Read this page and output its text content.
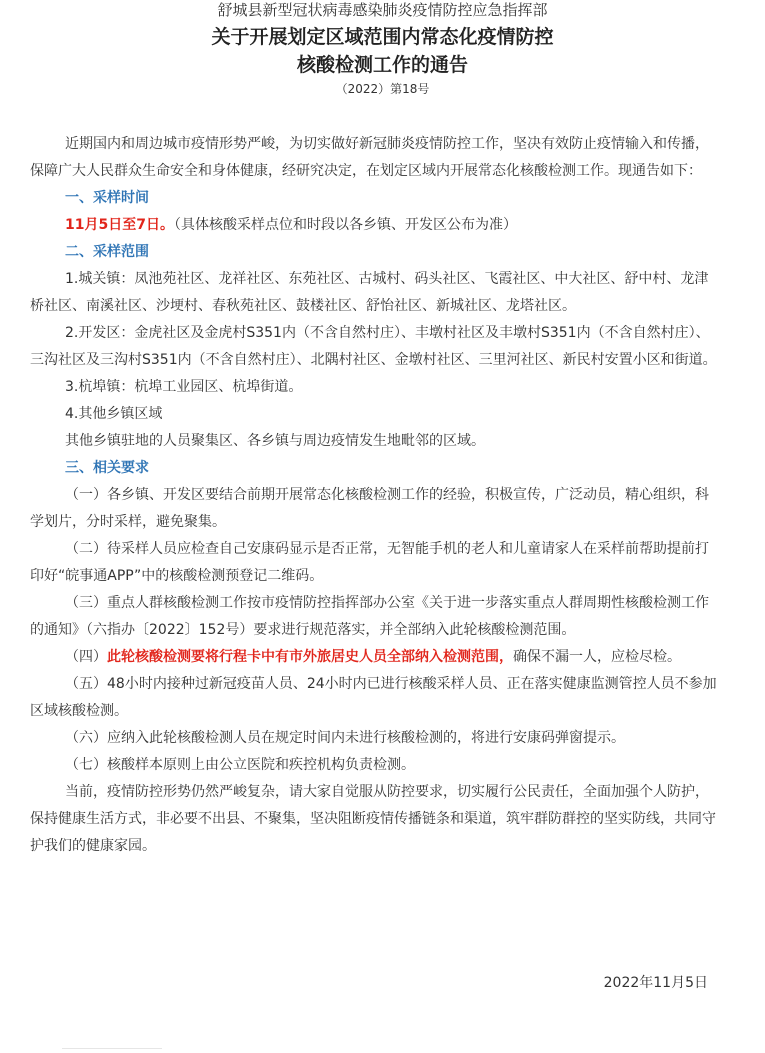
舒城县新型冠状病毒感染肺炎疫情防控应急指挥部
关于开展划定区域范围内常态化疫情防控
核酸检测工作的通告
（2022）第18号

近期国内和周边城市疫情形势严峻，为切实做好新冠肺炎疫情防控工作，坚决有效防止疫情输入和传播，保障广大人民群众生命安全和身体健康，经研究决定，在划定区域内开展常态化核酸检测工作。现通告如下：

一、采样时间

11月5日至7日。（具体核酸采样点位和时段以各乡镇、开发区公布为准）

二、采样范围

1.城关镇：凤池苑社区、龙祥社区、东苑社区、古城村、码头社区、飞霞社区、中大社区、舒中村、龙津桥社区、南溪社区、沙埂村、春秋苑社区、鼓楼社区、舒怡社区、新城社区、龙塔社区。

2.开发区：金虎社区及金虎村S351内（不含自然村庄）、丰墩村社区及丰墩村S351内（不含自然村庄）、三沟社区及三沟村S351内（不含自然村庄）、北隅村社区、金墩村社区、三里河社区、新民村安置小区和街道。

3.杭埠镇：杭埠工业园区、杭埠街道。

4.其他乡镇区域

其他乡镇驻地的人员聚集区、各乡镇与周边疫情发生地毗邻的区域。

三、相关要求

（一）各乡镇、开发区要结合前期开展常态化核酸检测工作的经验，积极宣传，广泛动员，精心组织，科学划片，分时采样，避免聚集。

（二）待采样人员应检查自己安康码显示是否正常，无智能手机的老人和儿童请家人在采样前帮助提前打印好“皖事通APP”中的核酸检测预登记二维码。

（三）重点人群核酸检测工作按市疫情防控指挥部办公室《关于进一步落实重点人群周期性核酸检测工作的通知》（六指办〔2022〕152号）要求进行规范落实，并全部纳入此轮核酸检测范围。

（四）此轮核酸检测要将行程卡中有市外旅居史人员全部纳入检测范围，确保不漏一人，应检尽检。

（五）48小时内接种过新冠疫苗人员、24小时内已进行核酸采样人员、正在落实健康监测管控人员不参加区域核酸检测。

（六）应纳入此轮核酸检测人员在规定时间内未进行核酸检测的，将进行安康码弹窗提示。

（七）核酸样本原则上由公立医院和疾控机构负责检测。

当前，疫情防控形势仍然严峻复杂，请大家自觉服从防控要求，切实履行公民责任，全面加强个人防护，保持健康生活方式，非必要不出县、不聚集，坚决阻断疫情传播链条和渠道，筑牢群防群控的坚实防线，共同守护我们的健康家园。

2022年11月5日
